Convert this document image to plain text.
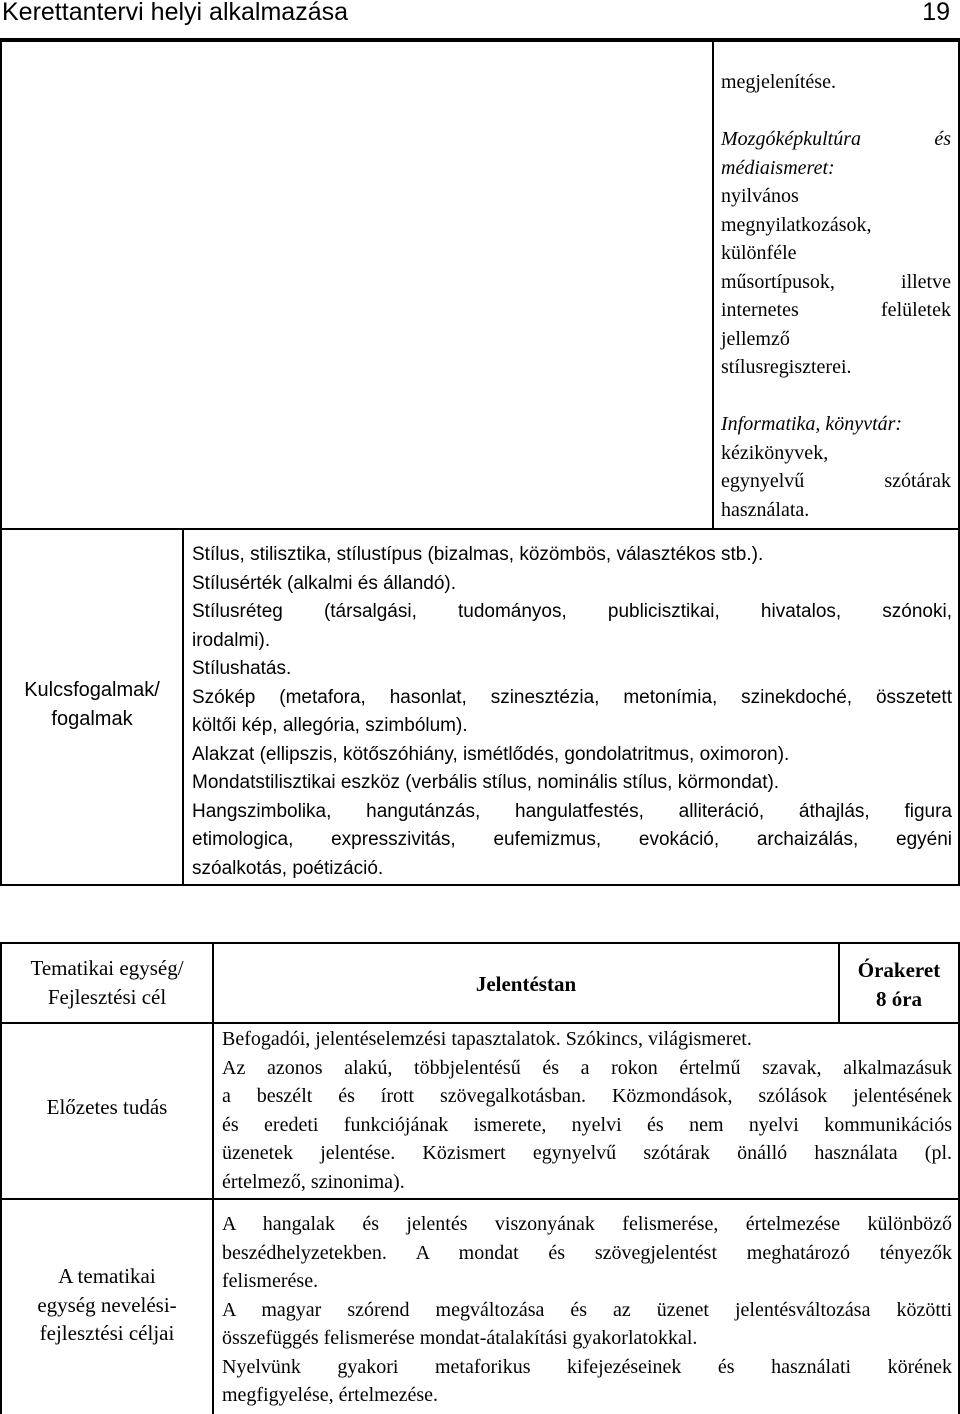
Kerettantervi helyi alkalmazása	19

megjelenítése.

Mozgóképkultúra és médiaismeret:

nyilvános

megnyilatkozások,

különféle

műsortípusok, illetve

internetes felületek

jellemző

stílusregiszterei.

Informatika, könyvtár:

kézikönyvek,

egynyelvű szótárak

használata.

Kulcsfogalmak/
fogalmak

Stílus, stilisztika, stílustípus (bizalmas, közömbös, választékos stb.).

Stílusérték (alkalmi és állandó).

Stílusréteg (társalgási, tudományos, publicisztikai, hivatalos, szónoki,

irodalmi).

Stílushatás.

Szókép (metafora, hasonlat, szinesztézia, metonímia, szinekdoché, összetett

költői kép, allegória, szimbólum).

Alakzat (ellipszis, kötőszóhiány, ismétlődés, gondolatritmus, oximoron).

Mondatstilisztikai eszköz (verbális stílus, nominális stílus, körmondat).

Hangszimbolika, hangutánzás, hangulatfestés, alliteráció, áthajlás, figura

etimologica, expresszivitás, eufemizmus, evokáció, archaizálás, egyéni

szóalkotás, poétizáció.

Tematikai egység/
Fejlesztési cél
Jelentéstan
Órakeret
8 óra
Előzetes tudás

Befogadói, jelentéselemzési tapasztalatok. Szókincs, világismeret.

Az azonos alakú, többjelentésű és a rokon értelmű szavak, alkalmazásuk

a beszélt és írott szövegalkotásban. Közmondások, szólások jelentésének

és eredeti funkciójának ismerete, nyelvi és nem nyelvi kommunikációs

üzenetek jelentése. Közismert egynyelvű szótárak önálló használata (pl.

értelmező, szinonima).

A tematikai
egység nevelési-
fejlesztési céljai

A hangalak és jelentés viszonyának felismerése, értelmezése különböző

beszédhelyzetekben. A mondat és szövegjelentést meghatározó tényezők

felismerése.

A magyar szórend megváltozása és az üzenet jelentésváltozása közötti

összefüggés felismerése mondat-átalakítási gyakorlatokkal.

Nyelvünk gyakori metaforikus kifejezéseinek és használati körének

megfigyelése, értelmezése.
